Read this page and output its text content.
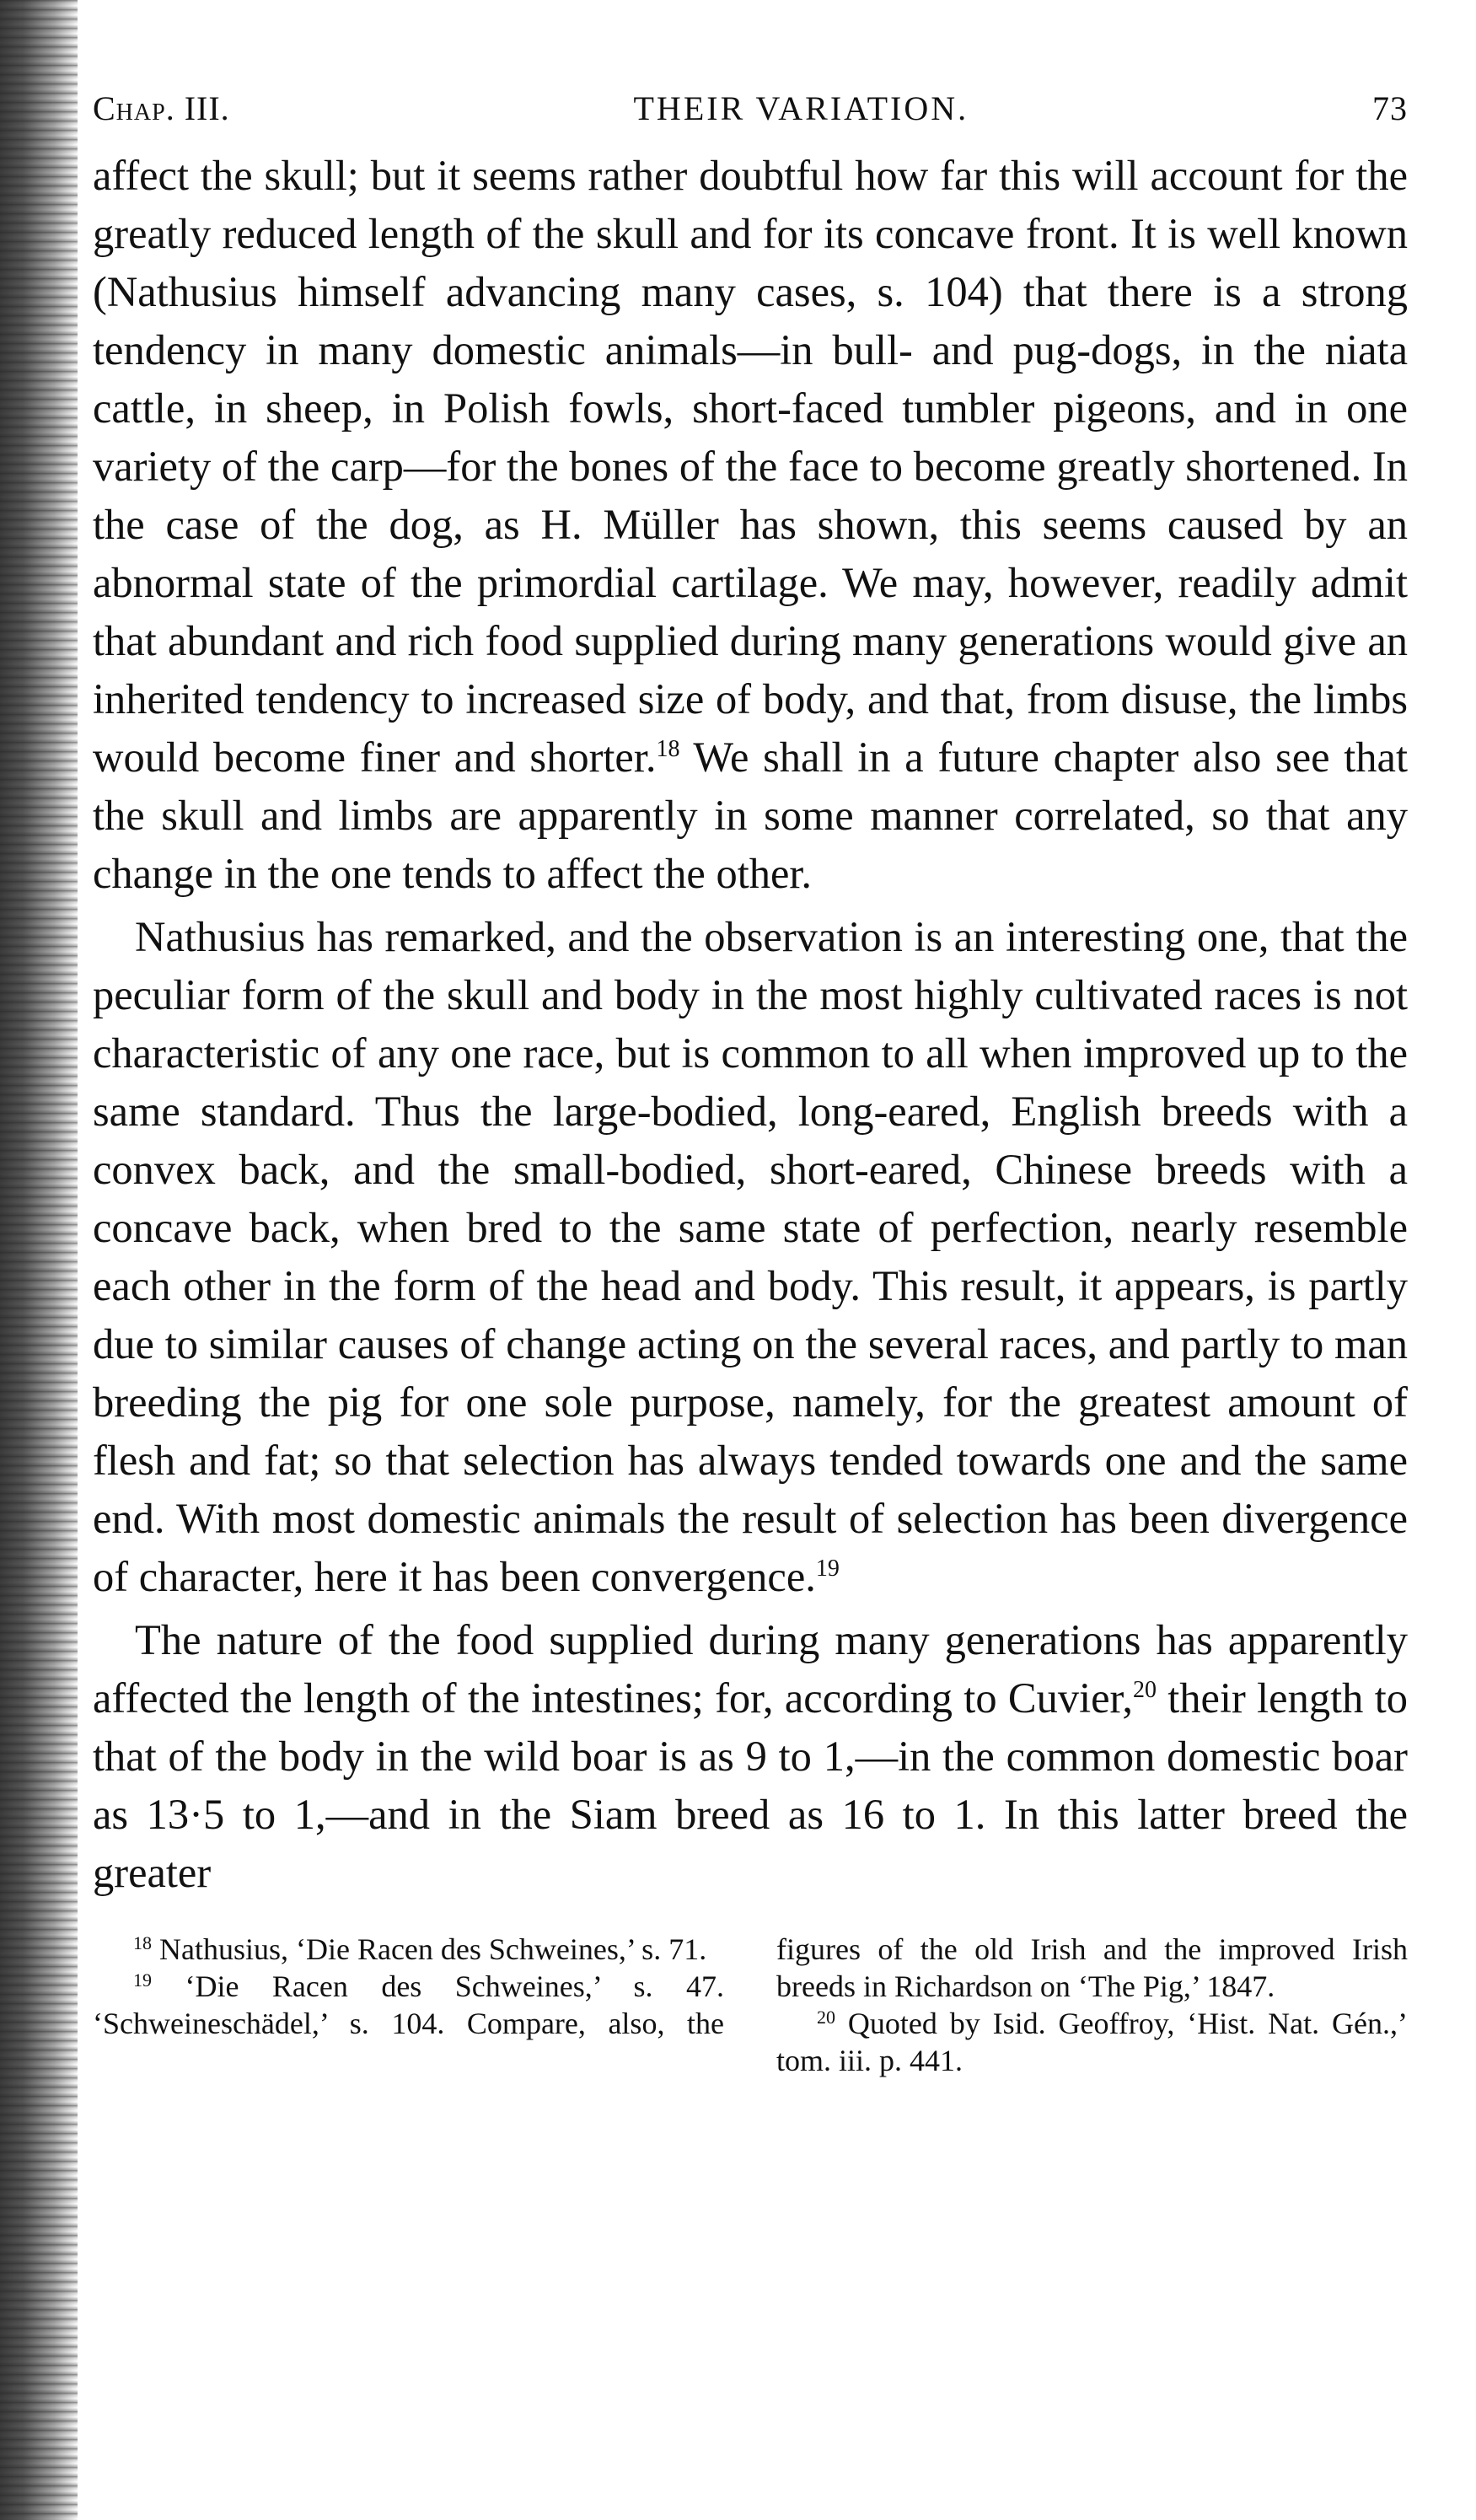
Chap. III.	THEIR VARIATION.	73

affect the skull; but it seems rather doubtful how far this will account for the greatly reduced length of the skull and for its concave front. It is well known (Nathusius himself advancing many cases, s. 104) that there is a strong tendency in many domestic animals—in bull- and pug-dogs, in the niata cattle, in sheep, in Polish fowls, short-faced tumbler pigeons, and in one variety of the carp—for the bones of the face to become greatly shortened. In the case of the dog, as H. Müller has shown, this seems caused by an abnormal state of the primordial cartilage. We may, however, readily admit that abundant and rich food supplied during many generations would give an inherited tendency to increased size of body, and that, from disuse, the limbs would become finer and shorter.$^{18}$ We shall in a future chapter also see that the skull and limbs are apparently in some manner correlated, so that any change in the one tends to affect the other.

Nathusius has remarked, and the observation is an interesting one, that the peculiar form of the skull and body in the most highly cultivated races is not characteristic of any one race, but is common to all when improved up to the same standard. Thus the large-bodied, long-eared, English breeds with a convex back, and the small-bodied, short-eared, Chinese breeds with a concave back, when bred to the same state of perfection, nearly resemble each other in the form of the head and body. This result, it appears, is partly due to similar causes of change acting on the several races, and partly to man breeding the pig for one sole purpose, namely, for the greatest amount of flesh and fat; so that selection has always tended towards one and the same end. With most domestic animals the result of selection has been divergence of character, here it has been convergence.$^{19}$

The nature of the food supplied during many generations has apparently affected the length of the intestines; for, according to Cuvier,$^{20}$ their length to that of the body in the wild boar is as 9 to 1,—in the common domestic boar as 13·5 to 1,—and in the Siam breed as 16 to 1. In this latter breed the greater

$^{18}$ Nathusius, ‘Die Racen des Schweines,’ s. 71.

$^{19}$ ‘Die Racen des Schweines,’ s. 47. ‘Schweineschädel,’ s. 104. Compare, also, the figures of the old Irish and the improved Irish breeds in Richardson on ‘The Pig,’ 1847.

$^{20}$ Quoted by Isid. Geoffroy, ‘Hist. Nat. Gén.,’ tom. iii. p. 441.
